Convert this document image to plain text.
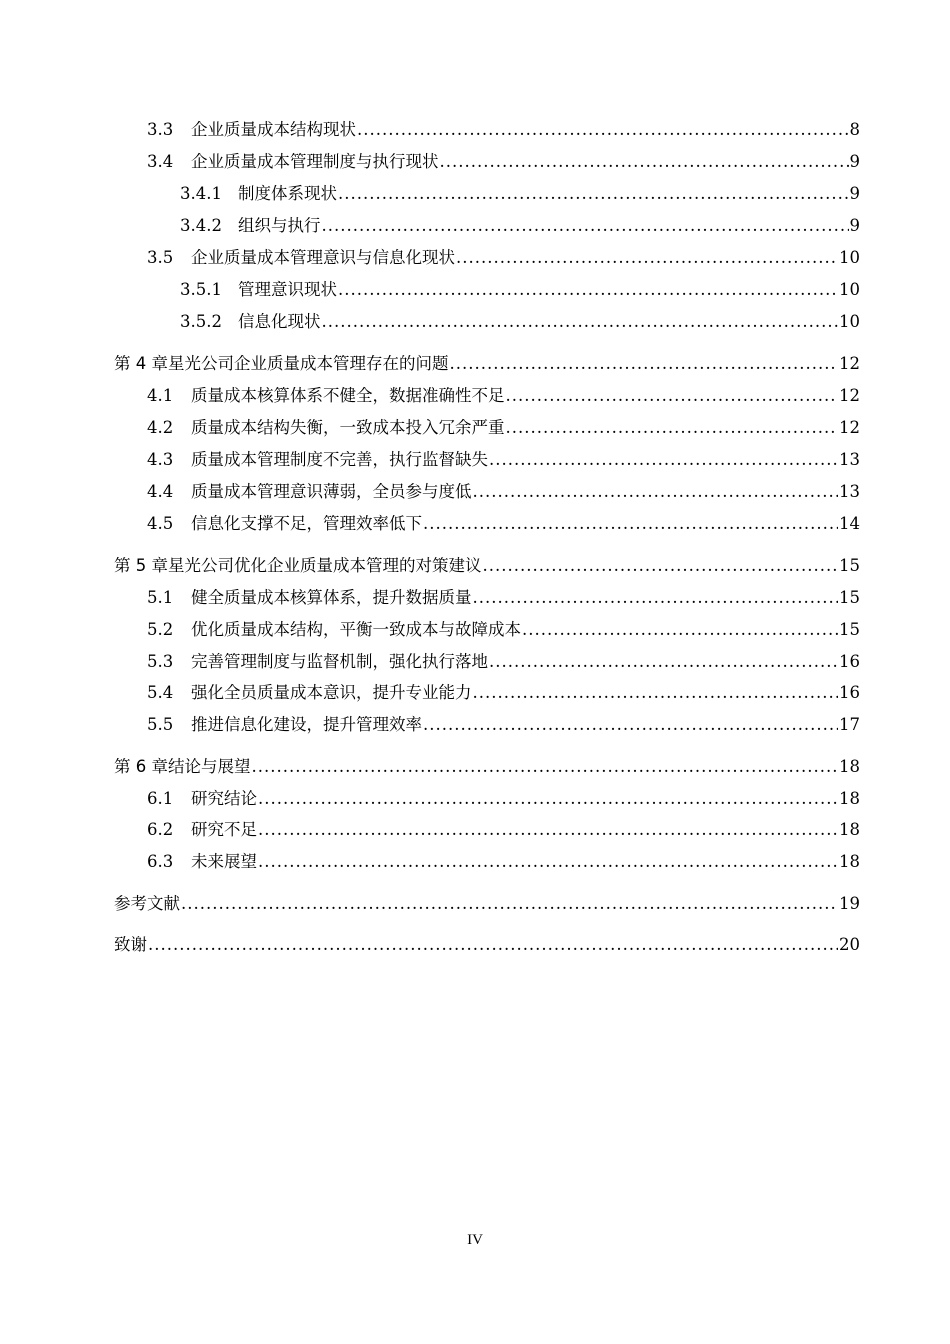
3.3	企业质量成本结构现状 .....	8
3.4	企业质量成本管理制度与执行现状 .....	9
3.4.1 制度体系现状 .....	9
3.4.2 组织与执行 .....	9
3.5	企业质量成本管理意识与信息化现状 .....	10
3.5.1 管理意识现状 .....	10
3.5.2 信息化现状 .....	10
第 4 章 星光公司企业质量成本管理存在的问题 .....	12
4.1	质量成本核算体系不健全，数据准确性不足 .....	12
4.2	质量成本结构失衡，一致成本投入冗余严重 .....	12
4.3	质量成本管理制度不完善，执行监督缺失 .....	13
4.4	质量成本管理意识薄弱，全员参与度低 .....	13
4.5	信息化支撑不足，管理效率低下 .....	14
第 5 章 星光公司优化企业质量成本管理的对策建议 .....	15
5.1	健全质量成本核算体系，提升数据质量 .....	15
5.2	优化质量成本结构，平衡一致成本与故障成本 .....	15
5.3	完善管理制度与监督机制，强化执行落地 .....	16
5.4	强化全员质量成本意识，提升专业能力 .....	16
5.5	推进信息化建设，提升管理效率 .....	17
第 6 章 结论与展望 .....	18
6.1	研究结论 .....	18
6.2	研究不足 .....	18
6.3	未来展望 .....	18
参考文献 .....	19
致谢 .....	20
IV
